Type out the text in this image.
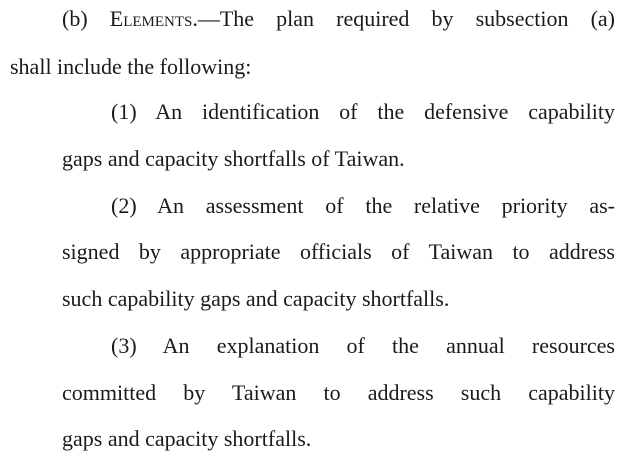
(b) Elements.—The plan required by subsection (a)
shall include the following:
(1) An identification of the defensive capability
gaps and capacity shortfalls of Taiwan.
(2) An assessment of the relative priority as-
signed by appropriate officials of Taiwan to address
such capability gaps and capacity shortfalls.
(3) An explanation of the annual resources
committed by Taiwan to address such capability
gaps and capacity shortfalls.
